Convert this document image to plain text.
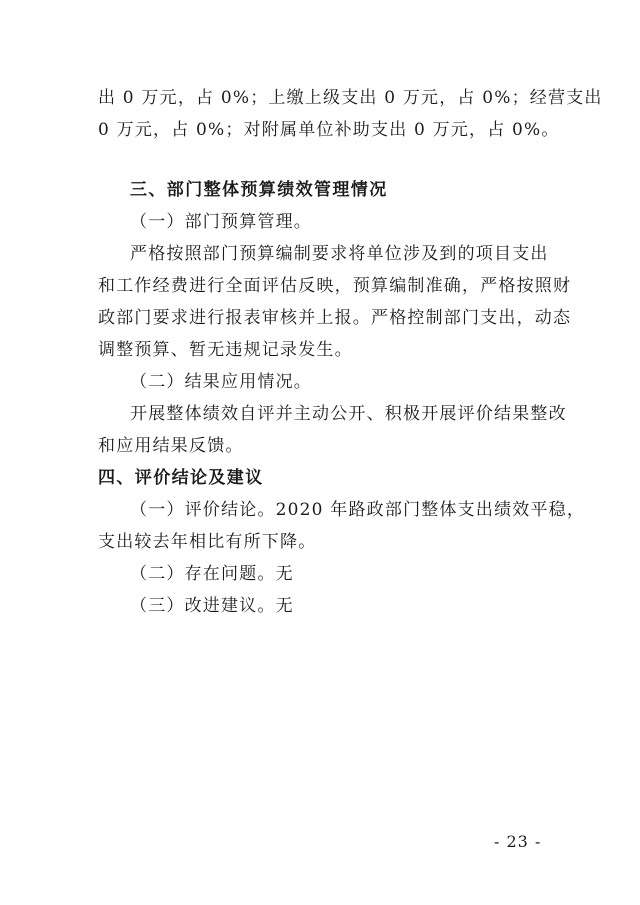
出 0 万元，占 0%；上缴上级支出 0 万元，占 0%；经营支出
0 万元，占 0%；对附属单位补助支出 0 万元，占 0%。
三、部门整体预算绩效管理情况
（一）部门预算管理。
严格按照部门预算编制要求将单位涉及到的项目支出
和工作经费进行全面评估反映，预算编制准确，严格按照财
政部门要求进行报表审核并上报。严格控制部门支出，动态
调整预算、暂无违规记录发生。
（二）结果应用情况。
开展整体绩效自评并主动公开、积极开展评价结果整改
和应用结果反馈。
四、评价结论及建议
（一）评价结论。2020 年路政部门整体支出绩效平稳，
支出较去年相比有所下降。
（二）存在问题。无
（三）改进建议。无
- 23 -
